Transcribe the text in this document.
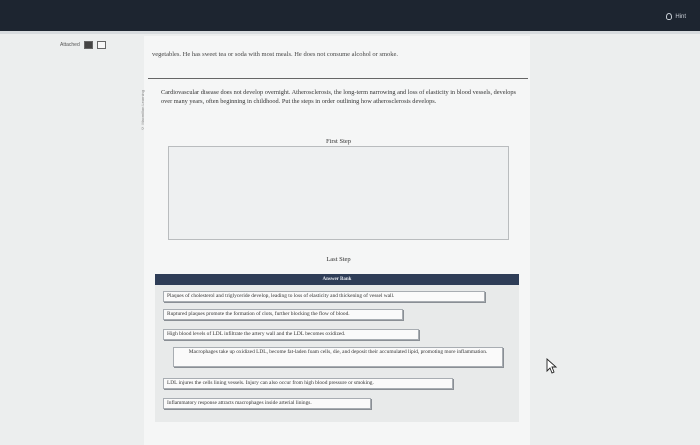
Hint
Attached
vegetables. He has sweet tea or soda with most meals. He does not consume alcohol or smoke.
© Macmillan Learning	Cardiovascular disease does not develop overnight. Atherosclerosis, the long-term narrowing and loss of elasticity in blood vessels, develops over many years, often beginning in childhood. Put the steps in order outlining how atherosclerosis develops.
First Step
Last Step
Answer Bank
Plaques of cholesterol and triglyceride develop, leading to loss of elasticity and thickening of vessel wall.
Ruptured plaques promote the formation of clots, further blocking the flow of blood.
High blood levels of LDL infiltrate the artery wall and the LDL becomes oxidized.
Macrophages take up oxidized LDL, become fat-laden foam cells, die, and deposit their accumulated lipid, promoting more inflammation.
LDL injures the cells lining vessels. Injury can also occur from high blood pressure or smoking.
Inflammatory response attracts macrophages inside arterial linings.
